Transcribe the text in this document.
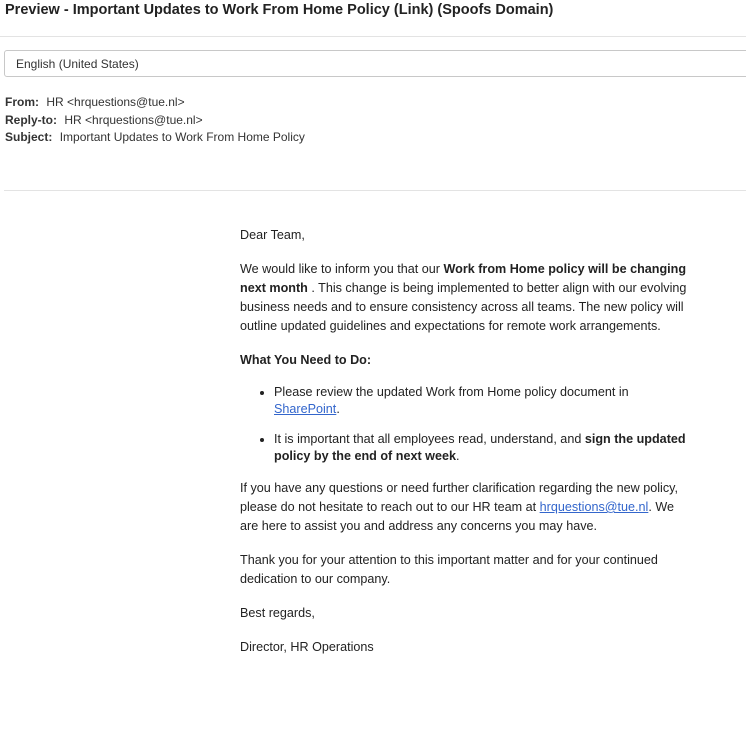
Preview - Important Updates to Work From Home Policy (Link) (Spoofs Domain)
English (United States)
From: HR <hrquestions@tue.nl>
Reply-to: HR <hrquestions@tue.nl>
Subject: Important Updates to Work From Home Policy

Dear Team,

We would like to inform you that our Work from Home policy will be changing next month . This change is being implemented to better align with our evolving business needs and to ensure consistency across all teams. The new policy will outline updated guidelines and expectations for remote work arrangements.

What You Need to Do:
• Please review the updated Work from Home policy document in SharePoint.
• It is important that all employees read, understand, and sign the updated policy by the end of next week.

If you have any questions or need further clarification regarding the new policy, please do not hesitate to reach out to our HR team at hrquestions@tue.nl. We are here to assist you and address any concerns you may have.

Thank you for your attention to this important matter and for your continued dedication to our company.

Best regards,

Director, HR Operations
